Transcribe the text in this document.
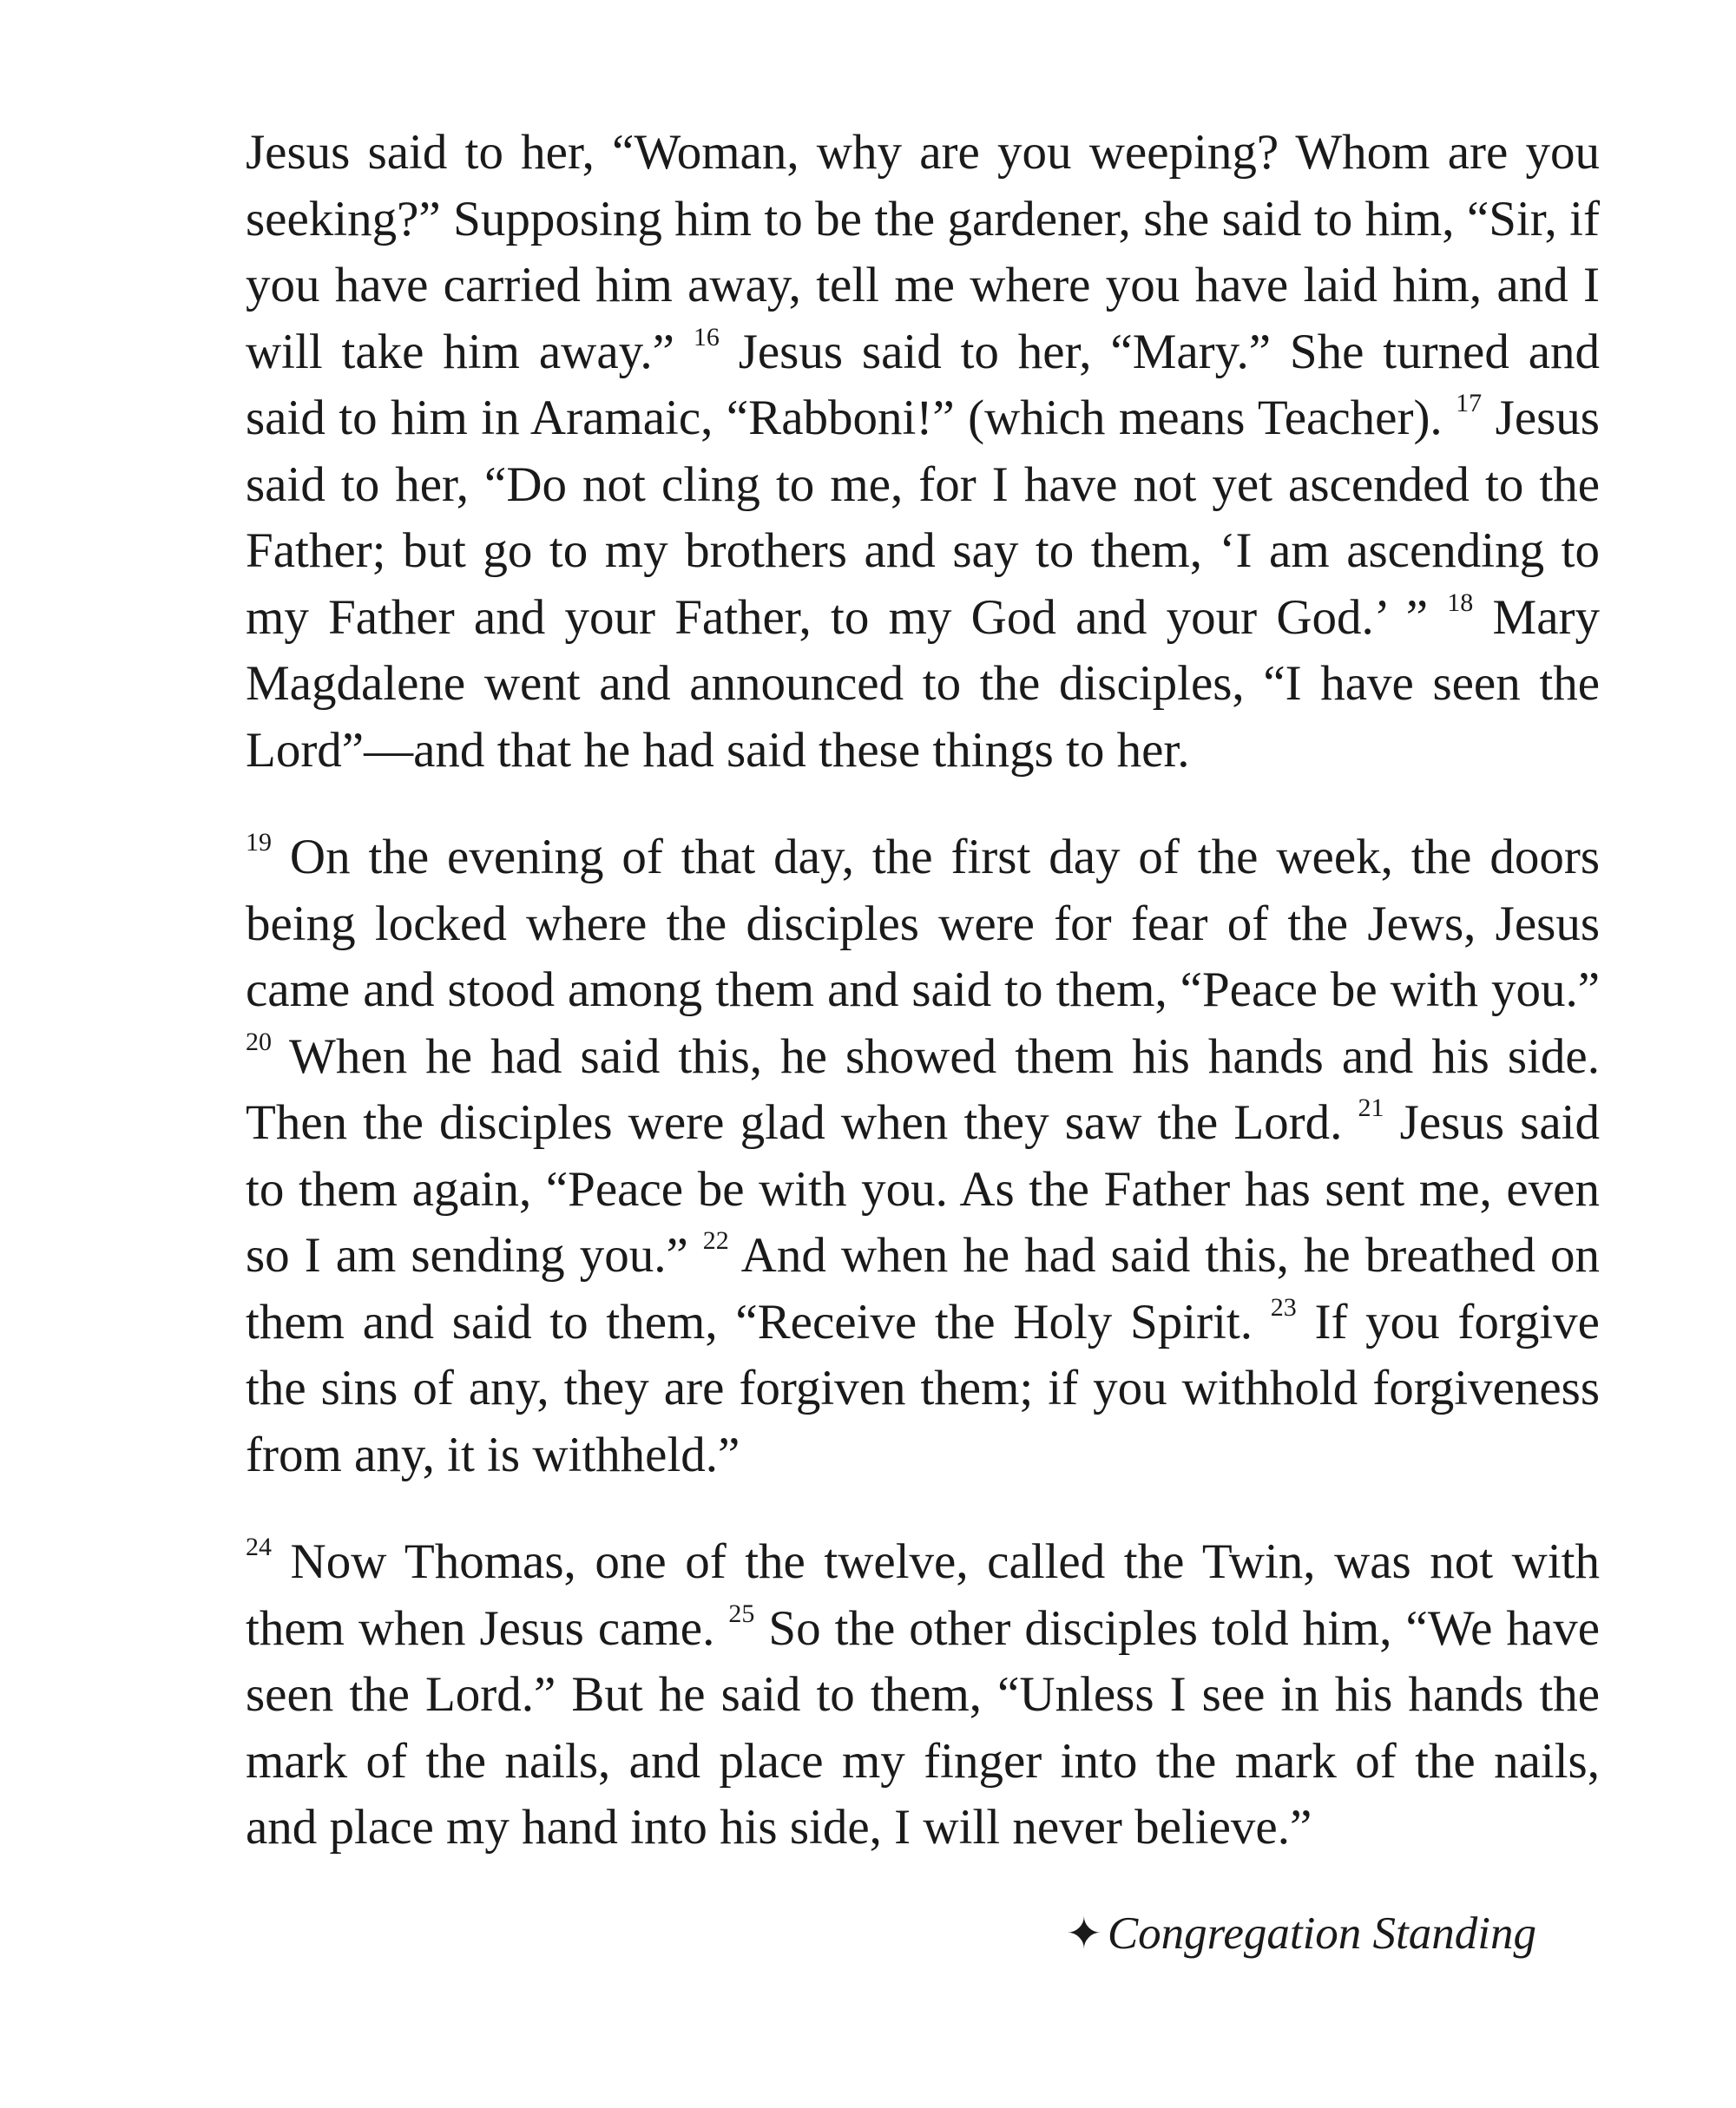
Jesus said to her, “Woman, why are you weeping? Whom are you seeking?” Supposing him to be the gardener, she said to him, “Sir, if you have carried him away, tell me where you have laid him, and I will take him away.” $^{16}$ Jesus said to her, “Mary.” She turned and said to him in Aramaic, “Rabboni!” (which means Teacher). $^{17}$ Jesus said to her, “Do not cling to me, for I have not yet ascended to the Father; but go to my brothers and say to them, ‘I am ascending to my Father and your Father, to my God and your God.’ ” $^{18}$ Mary Magdalene went and announced to the disciples, “I have seen the Lord”—and that he had said these things to her.

$^{19}$ On the evening of that day, the first day of the week, the doors being locked where the disciples were for fear of the Jews, Jesus came and stood among them and said to them, “Peace be with you.” $^{20}$ When he had said this, he showed them his hands and his side. Then the disciples were glad when they saw the Lord. $^{21}$ Jesus said to them again, “Peace be with you. As the Father has sent me, even so I am sending you.” $^{22}$ And when he had said this, he breathed on them and said to them, “Receive the Holy Spirit. $^{23}$ If you forgive the sins of any, they are forgiven them; if you withhold forgiveness from any, it is withheld.”

$^{24}$ Now Thomas, one of the twelve, called the Twin, was not with them when Jesus came. $^{25}$ So the other disciples told him, “We have seen the Lord.” But he said to them, “Unless I see in his hands the mark of the nails, and place my finger into the mark of the nails, and place my hand into his side, I will never believe.”

✦ Congregation Standing
